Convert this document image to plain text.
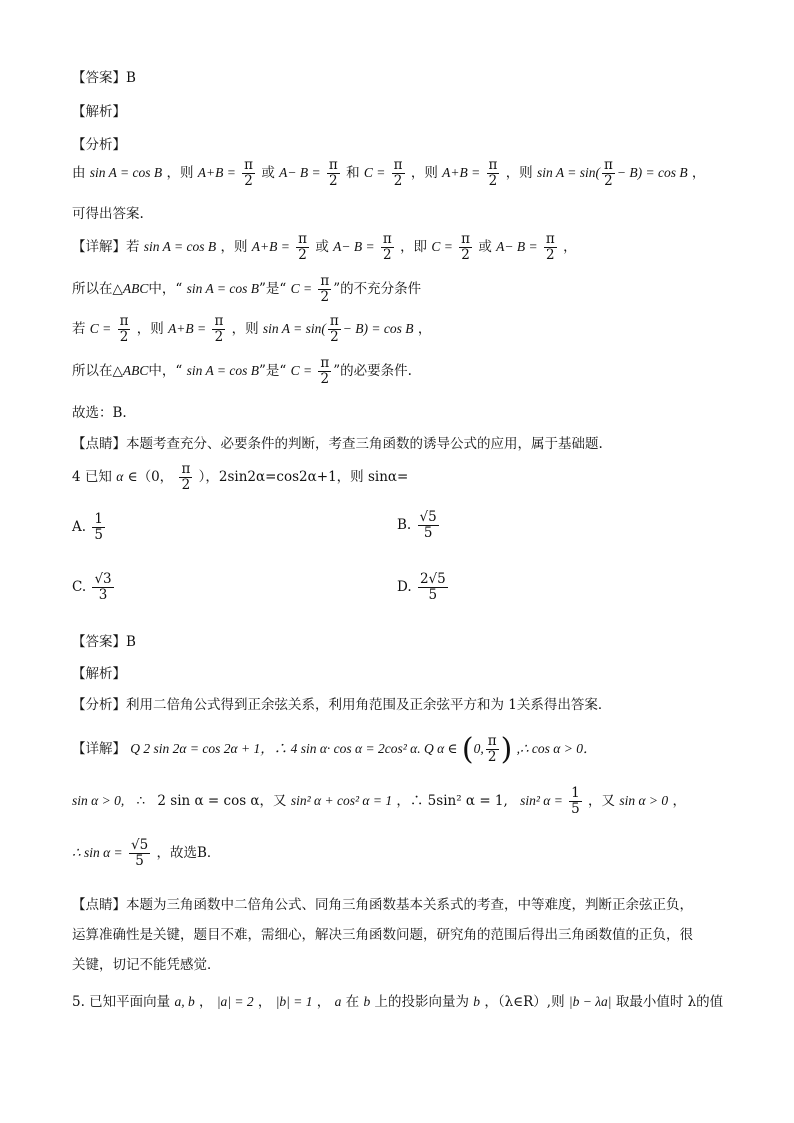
【答案】B
【解析】
【分析】
由 sin A = cos B ，则 $A+B = \frac{\pi}{2}$ 或 $A- B = \frac{\pi}{2}$ 和 $C = \frac{\pi}{2}$ ，则 $A+B = \frac{\pi}{2}$ ，则 $\sin A = \sin( \frac{\pi}{2} - B) = \cos B$ ，
可得出答案.
【详解】若 sin A = cos B ，则 $A+B = \frac{\pi}{2}$ 或 $A- B = \frac{\pi}{2}$ ，即 $C = \frac{\pi}{2}$ 或 $A- B = \frac{\pi}{2}$ ，
所以在△ABC中，“ sin A = cos B”是“ $C = \frac{\pi}{2}$ ”的不充分条件
若 $C = \frac{\pi}{2}$ ，则 $A+B = \frac{\pi}{2}$ ，则 $\sin A = \sin( \frac{\pi}{2} - B) = \cos B$ ，
所以在△ABC中，“ sin A = cos B”是“ $C = \frac{\pi}{2}$ ”的必要条件.
故选：B.
【点睛】本题考查充分、必要条件的判断，考查三角函数的诱导公式的应用，属于基础题.
4 已知 α ∈（0， $\frac{\pi}{2}$ ），2sin2α=cos2α+1，则 sinα=
A. $\frac{1}{5}$	B. $\frac{√5}{5}$
C. $\frac{√3}{3}$	D. $\frac{2√5}{5}$
【答案】B
【解析】
【分析】利用二倍角公式得到正余弦关系，利用角范围及正余弦平方和为 1关系得出答案．
【详解】 Q 2 sin 2α = cos 2α + 1，∴ 4 sin α· cos α = 2cos² α. Q α ∈ (0, $\frac{\pi}{2}$ ) ,∴ cos α > 0．
sin α > 0, ∴ 2 sin α = cos α，又 sin² α + cos² α = 1 ，∴ 5sin² α = 1, sin² $\alpha = \frac{1}{5}$ ，又 sin α > 0 ，
∴ $\sin \alpha = \frac{√5}{5}$ ，故选B．
【点睛】本题为三角函数中二倍角公式、同角三角函数基本关系式的考查，中等难度，判断正余弦正负，
运算准确性是关键，题目不难，需细心，解决三角函数问题，研究角的范围后得出三角函数值的正负，很
关键，切记不能凭感觉．
5. 已知平面向量 a, b ， |a| = 2 ， |b| = 1 ， a 在 b 上的投影向量为 b ，（λ∈R）,则 |b − λa| 取最小值时 λ的值
